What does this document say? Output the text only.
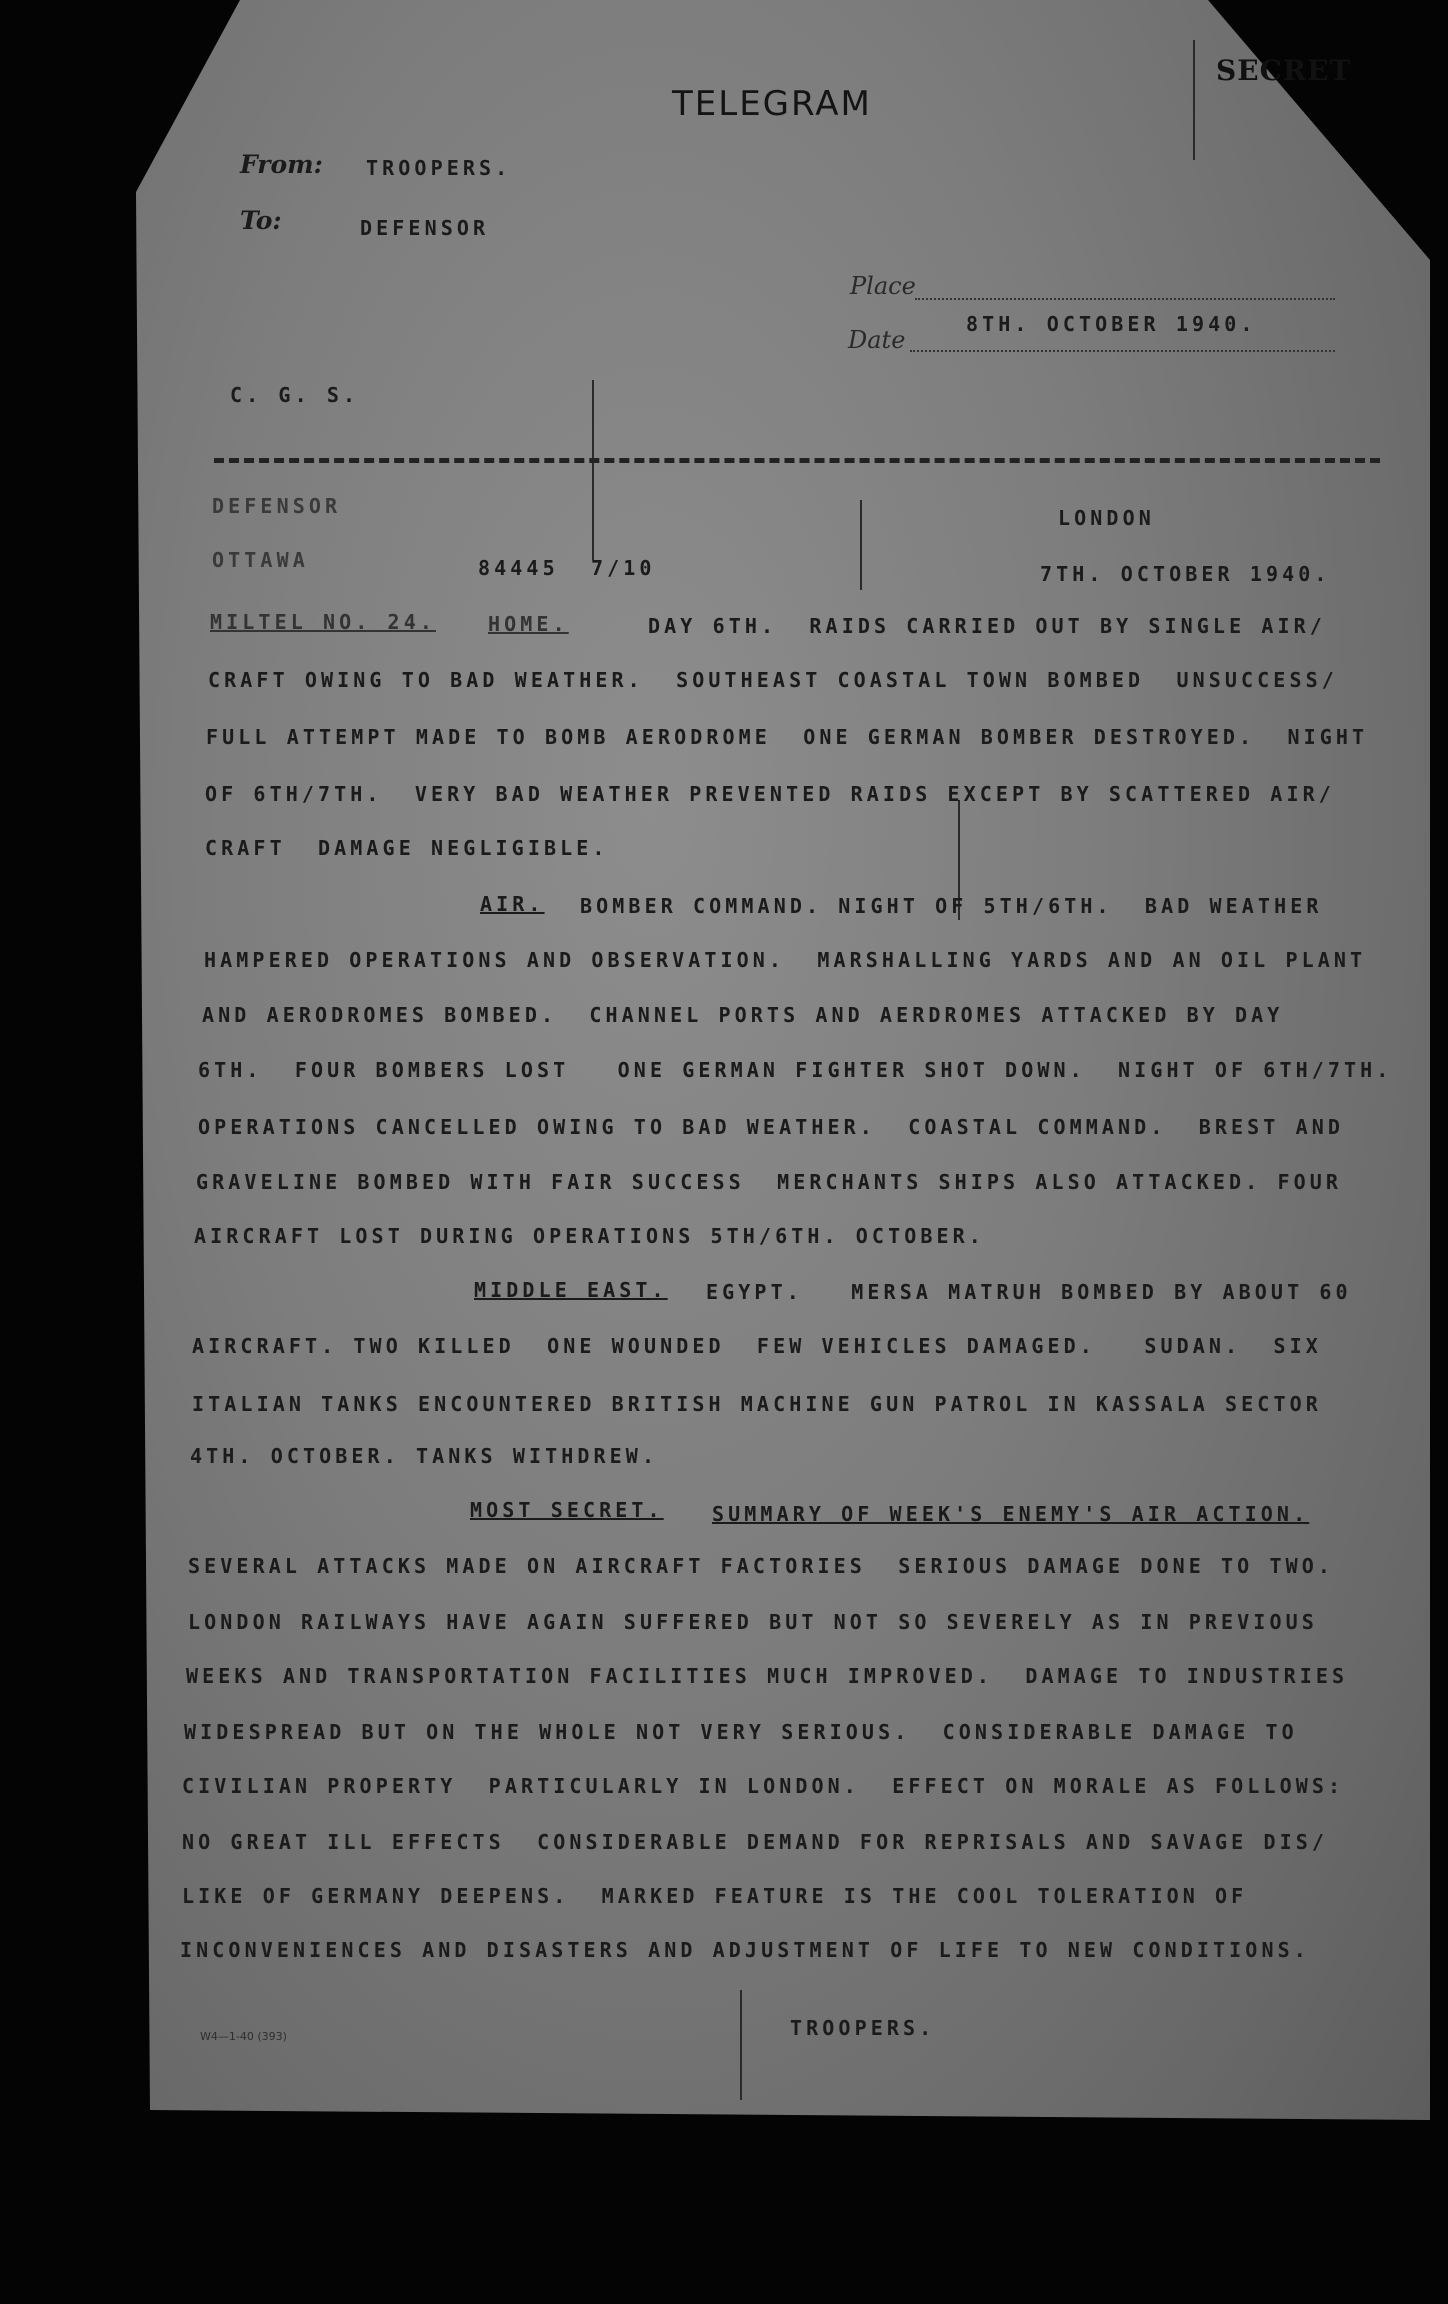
TELEGRAM
SECRET
From: TROOPERS.
To:	DEFENSOR
Place
Date
8TH. OCTOBER 1940.
C. G. S.
DEFENSOR	LONDON
OTTAWA	84445  7/10	7TH. OCTOBER 1940.
MILTEL NO. 24.	HOME.	DAY 6TH.  RAIDS CARRIED OUT BY SINGLE AIR/
CRAFT OWING TO BAD WEATHER.  SOUTHEAST COASTAL TOWN BOMBED  UNSUCCESS/
FULL ATTEMPT MADE TO BOMB AERODROME  ONE GERMAN BOMBER DESTROYED.  NIGHT
OF 6TH/7TH.  VERY BAD WEATHER PREVENTED RAIDS EXCEPT BY SCATTERED AIR/
CRAFT  DAMAGE NEGLIGIBLE.
AIR. BOMBER COMMAND. NIGHT OF 5TH/6TH.  BAD WEATHER
HAMPERED OPERATIONS AND OBSERVATION.  MARSHALLING YARDS AND AN OIL PLANT
AND AERODROMES BOMBED.  CHANNEL PORTS AND AERDROMES ATTACKED BY DAY
6TH.  FOUR BOMBERS LOST   ONE GERMAN FIGHTER SHOT DOWN.  NIGHT OF 6TH/7TH.
OPERATIONS CANCELLED OWING TO BAD WEATHER.  COASTAL COMMAND.  BREST AND
GRAVELINE BOMBED WITH FAIR SUCCESS  MERCHANTS SHIPS ALSO ATTACKED. FOUR
AIRCRAFT LOST DURING OPERATIONS 5TH/6TH. OCTOBER.
MIDDLE EAST. EGYPT.   MERSA MATRUH BOMBED BY ABOUT 60
AIRCRAFT. TWO KILLED  ONE WOUNDED  FEW VEHICLES DAMAGED.   SUDAN.  SIX
ITALIAN TANKS ENCOUNTERED BRITISH MACHINE GUN PATROL IN KASSALA SECTOR
4TH. OCTOBER. TANKS WITHDREW.
MOST SECRET. SUMMARY OF WEEK'S ENEMY'S AIR ACTION.
SEVERAL ATTACKS MADE ON AIRCRAFT FACTORIES  SERIOUS DAMAGE DONE TO TWO.
LONDON RAILWAYS HAVE AGAIN SUFFERED BUT NOT SO SEVERELY AS IN PREVIOUS
WEEKS AND TRANSPORTATION FACILITIES MUCH IMPROVED.  DAMAGE TO INDUSTRIES
WIDESPREAD BUT ON THE WHOLE NOT VERY SERIOUS.  CONSIDERABLE DAMAGE TO
CIVILIAN PROPERTY  PARTICULARLY IN LONDON.  EFFECT ON MORALE AS FOLLOWS:
NO GREAT ILL EFFECTS  CONSIDERABLE DEMAND FOR REPRISALS AND SAVAGE DIS/
LIKE OF GERMANY DEEPENS.  MARKED FEATURE IS THE COOL TOLERATION OF
INCONVENIENCES AND DISASTERS AND ADJUSTMENT OF LIFE TO NEW CONDITIONS.
TROOPERS.
W4—1-40 (393)
